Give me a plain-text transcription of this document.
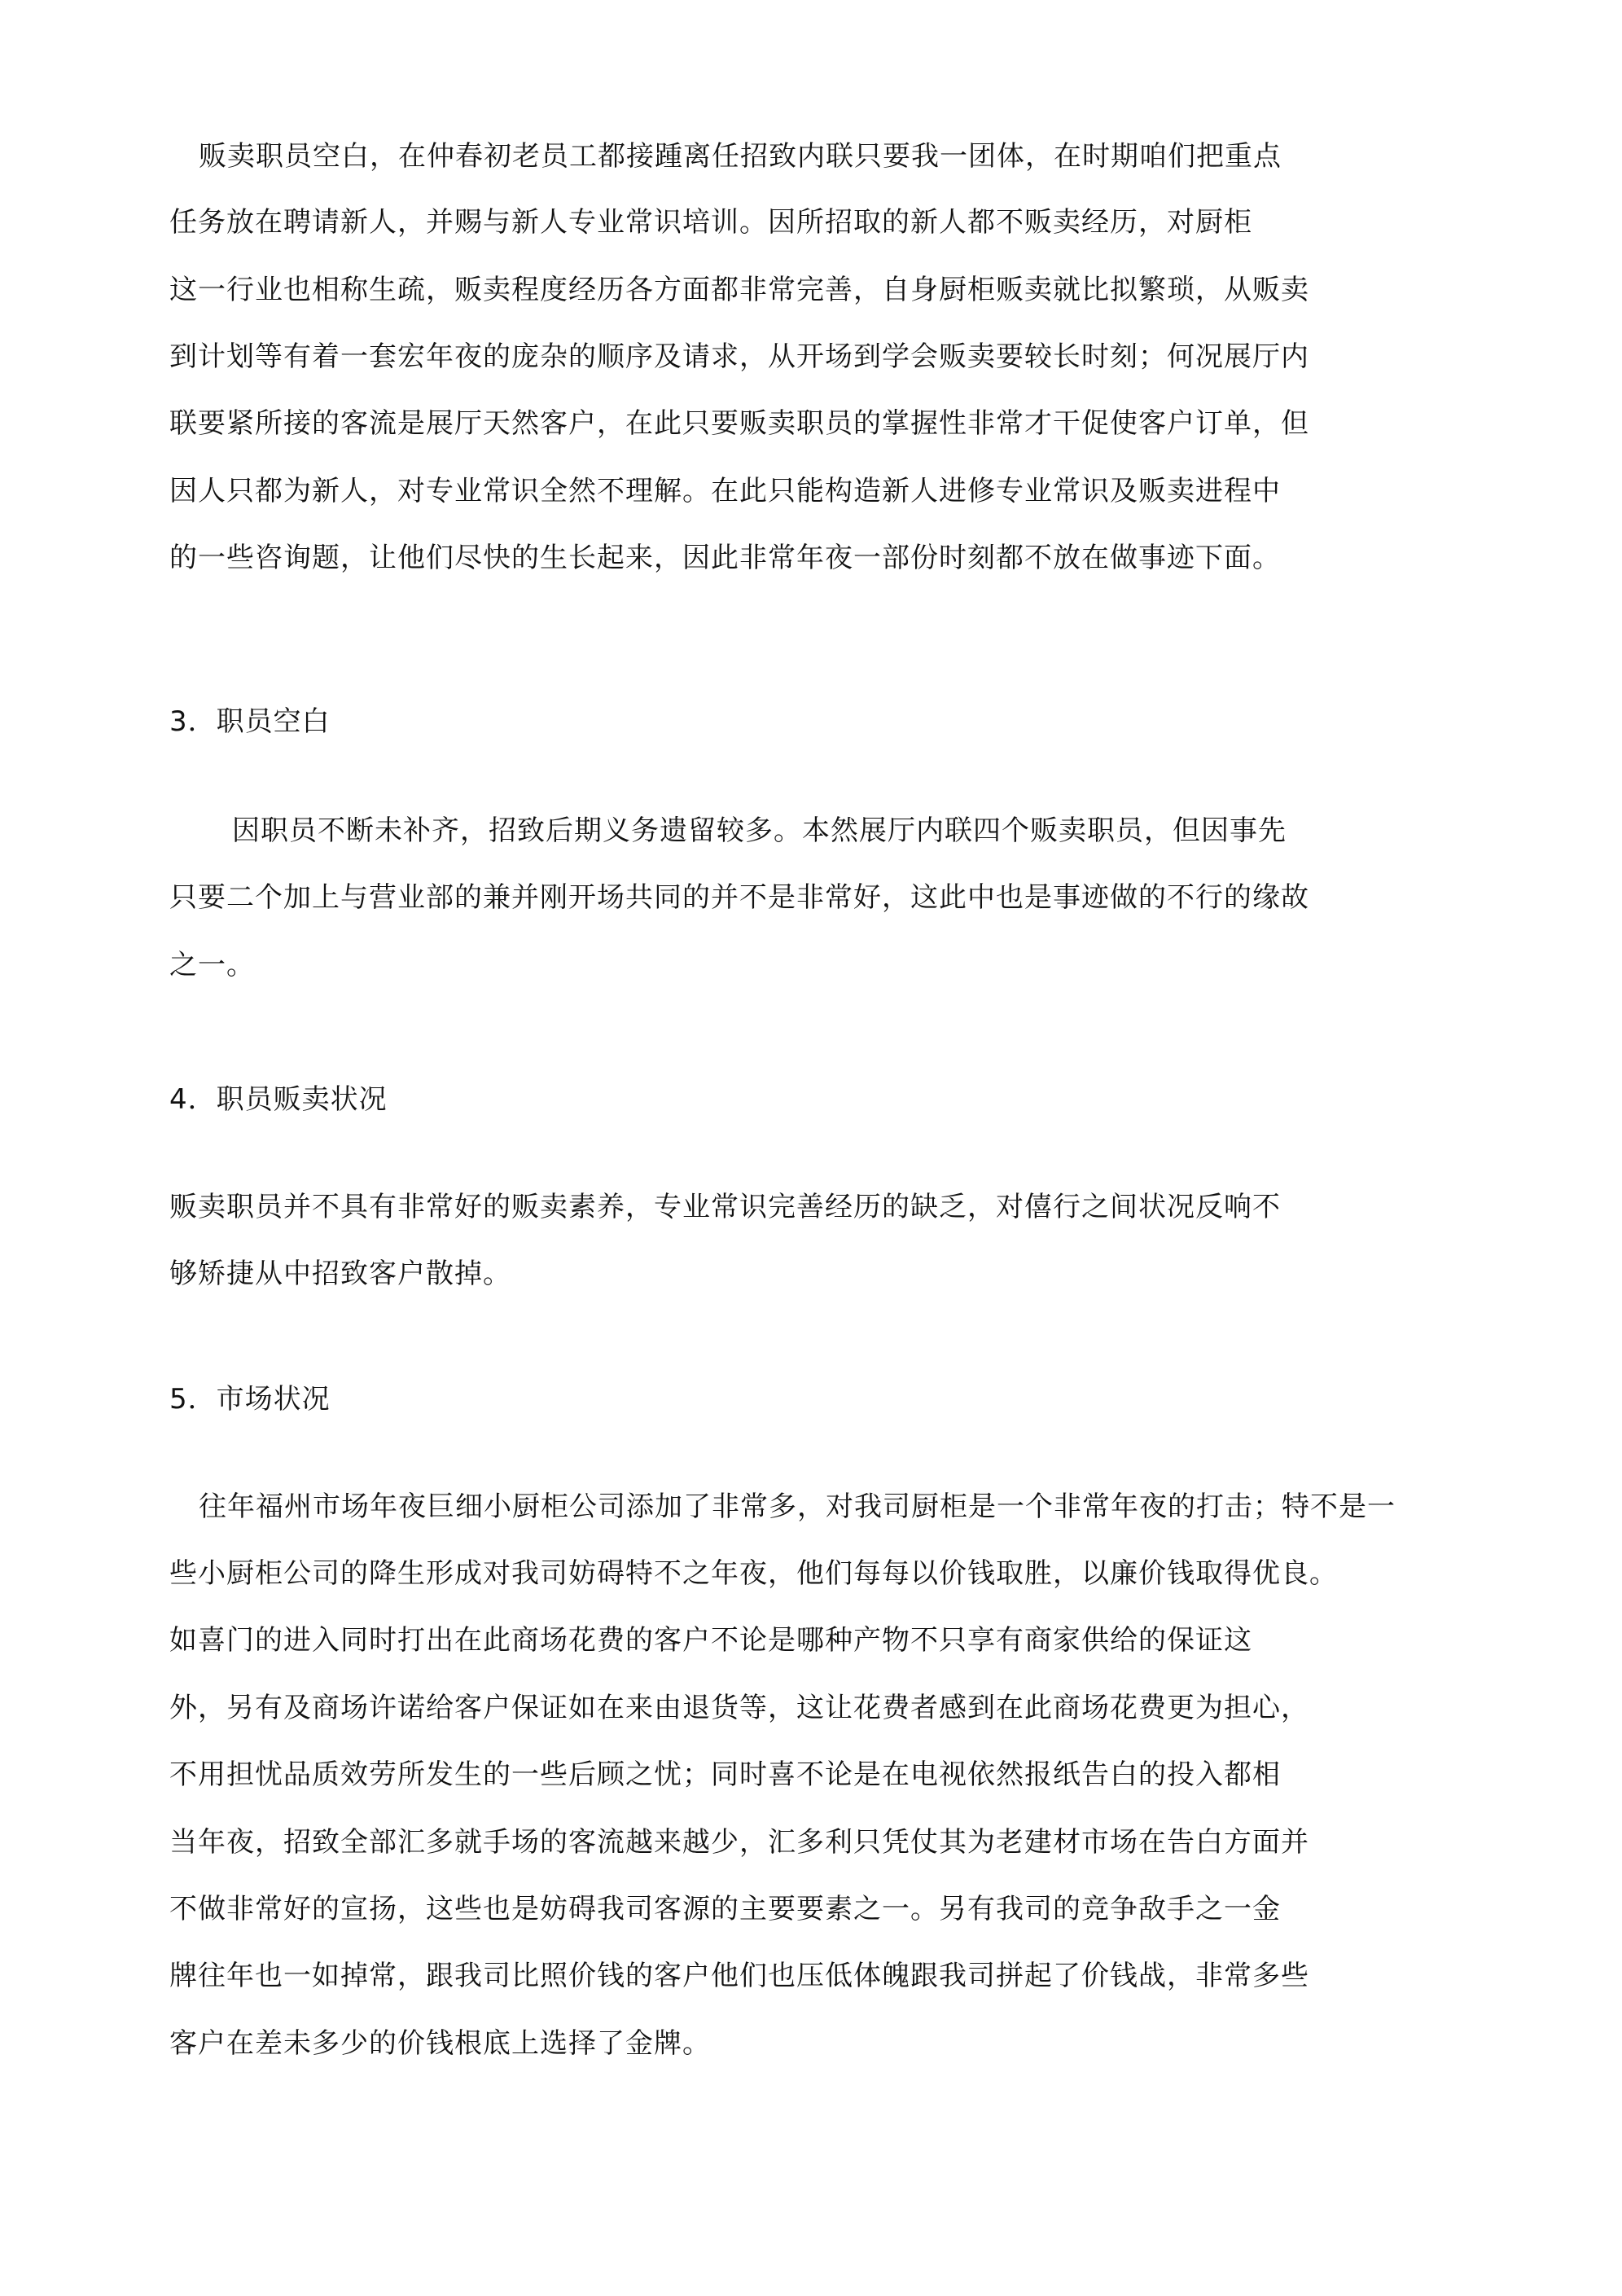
贩卖职员空白，在仲春初老员工都接踵离任招致内联只要我一团体，在时期咱们把重点
任务放在聘请新人，并赐与新人专业常识培训。因所招取的新人都不贩卖经历，对厨柜
这一行业也相称生疏，贩卖程度经历各方面都非常完善，自身厨柜贩卖就比拟繁琐，从贩卖
到计划等有着一套宏年夜的庞杂的顺序及请求，从开场到学会贩卖要较长时刻；何况展厅内
联要紧所接的客流是展厅天然客户，在此只要贩卖职员的掌握性非常才干促使客户订单，但
因人只都为新人，对专业常识全然不理解。在此只能构造新人进修专业常识及贩卖进程中
的一些咨询题，让他们尽快的生长起来，因此非常年夜一部份时刻都不放在做事迹下面。
3．职员空白
因职员不断未补齐，招致后期义务遗留较多。本然展厅内联四个贩卖职员，但因事先
只要二个加上与营业部的兼并刚开场共同的并不是非常好，这此中也是事迹做的不行的缘故
之一。
4．职员贩卖状况
贩卖职员并不具有非常好的贩卖素养，专业常识完善经历的缺乏，对僖行之间状况反响不
够矫捷从中招致客户散掉。
5．市场状况
往年福州市场年夜巨细小厨柜公司添加了非常多，对我司厨柜是一个非常年夜的打击；特不是一
些小厨柜公司的降生形成对我司妨碍特不之年夜，他们每每以价钱取胜，以廉价钱取得优良。
如喜门的进入同时打出在此商场花费的客户不论是哪种产物不只享有商家供给的保证这
外，另有及商场许诺给客户保证如在来由退货等，这让花费者感到在此商场花费更为担心，
不用担忧品质效劳所发生的一些后顾之忧；同时喜不论是在电视依然报纸告白的投入都相
当年夜，招致全部汇多就手场的客流越来越少，汇多利只凭仗其为老建材市场在告白方面并
不做非常好的宣扬，这些也是妨碍我司客源的主要要素之一。另有我司的竞争敌手之一金
牌往年也一如掉常，跟我司比照价钱的客户他们也压低体魄跟我司拼起了价钱战，非常多些
客户在差未多少的价钱根底上选择了金牌。
